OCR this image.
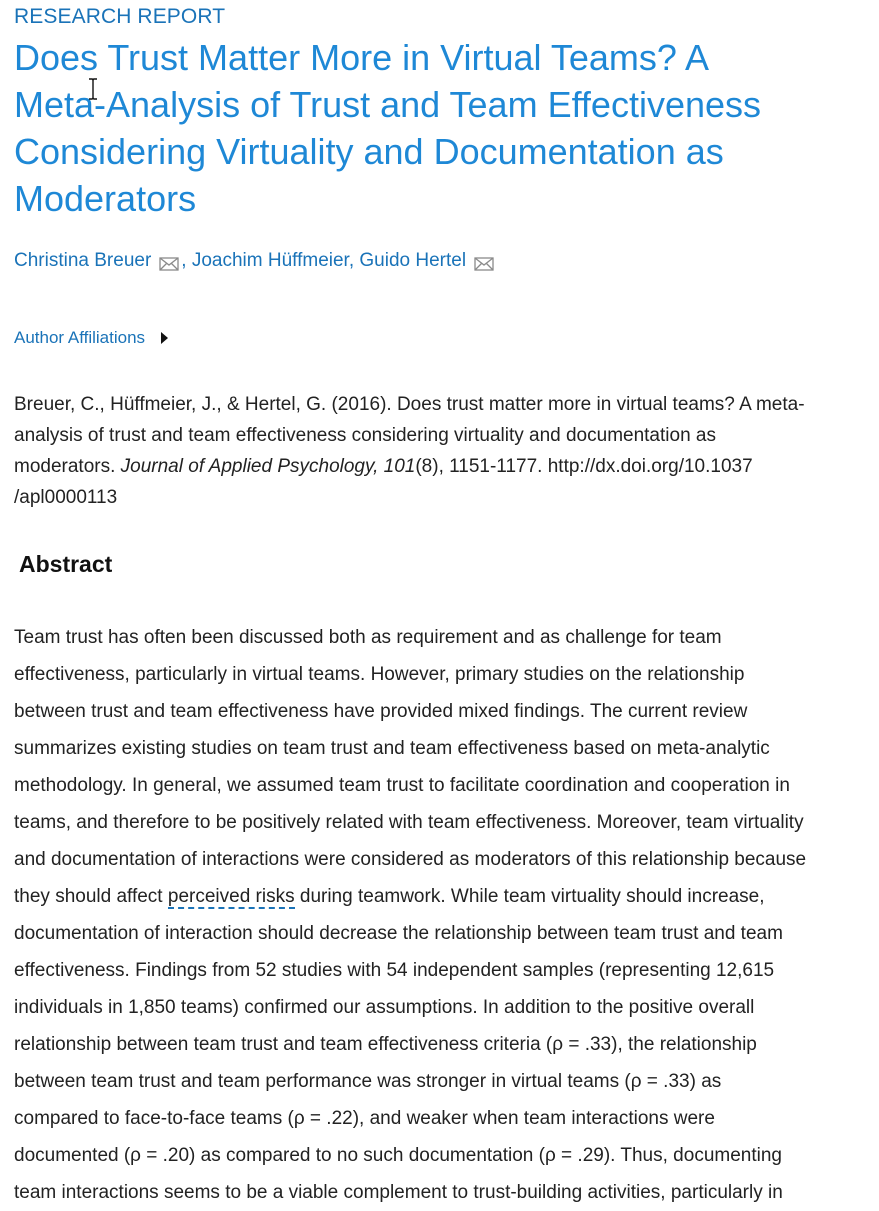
RESEARCH REPORT
Does Trust Matter More in Virtual Teams? A
Meta-Analysis of Trust and Team Effectiveness
Considering Virtuality and Documentation as
Moderators
Christina Breuer , Joachim Hüffmeier, Guido Hertel
Author Affiliations
Breuer, C., Hüffmeier, J., & Hertel, G. (2016). Does trust matter more in virtual teams? A meta-
analysis of trust and team effectiveness considering virtuality and documentation as
moderators. Journal of Applied Psychology, 101(8), 1151-1177. http://dx.doi.org/10.1037
/apl0000113
Abstract
Team trust has often been discussed both as requirement and as challenge for team
effectiveness, particularly in virtual teams. However, primary studies on the relationship
between trust and team effectiveness have provided mixed findings. The current review
summarizes existing studies on team trust and team effectiveness based on meta-analytic
methodology. In general, we assumed team trust to facilitate coordination and cooperation in
teams, and therefore to be positively related with team effectiveness. Moreover, team virtuality
and documentation of interactions were considered as moderators of this relationship because
they should affect perceived risks during teamwork. While team virtuality should increase,
documentation of interaction should decrease the relationship between team trust and team
effectiveness. Findings from 52 studies with 54 independent samples (representing 12,615
individuals in 1,850 teams) confirmed our assumptions. In addition to the positive overall
relationship between team trust and team effectiveness criteria (ρ = .33), the relationship
between team trust and team performance was stronger in virtual teams (ρ = .33) as
compared to face-to-face teams (ρ = .22), and weaker when team interactions were
documented (ρ = .20) as compared to no such documentation (ρ = .29). Thus, documenting
team interactions seems to be a viable complement to trust-building activities, particularly in
